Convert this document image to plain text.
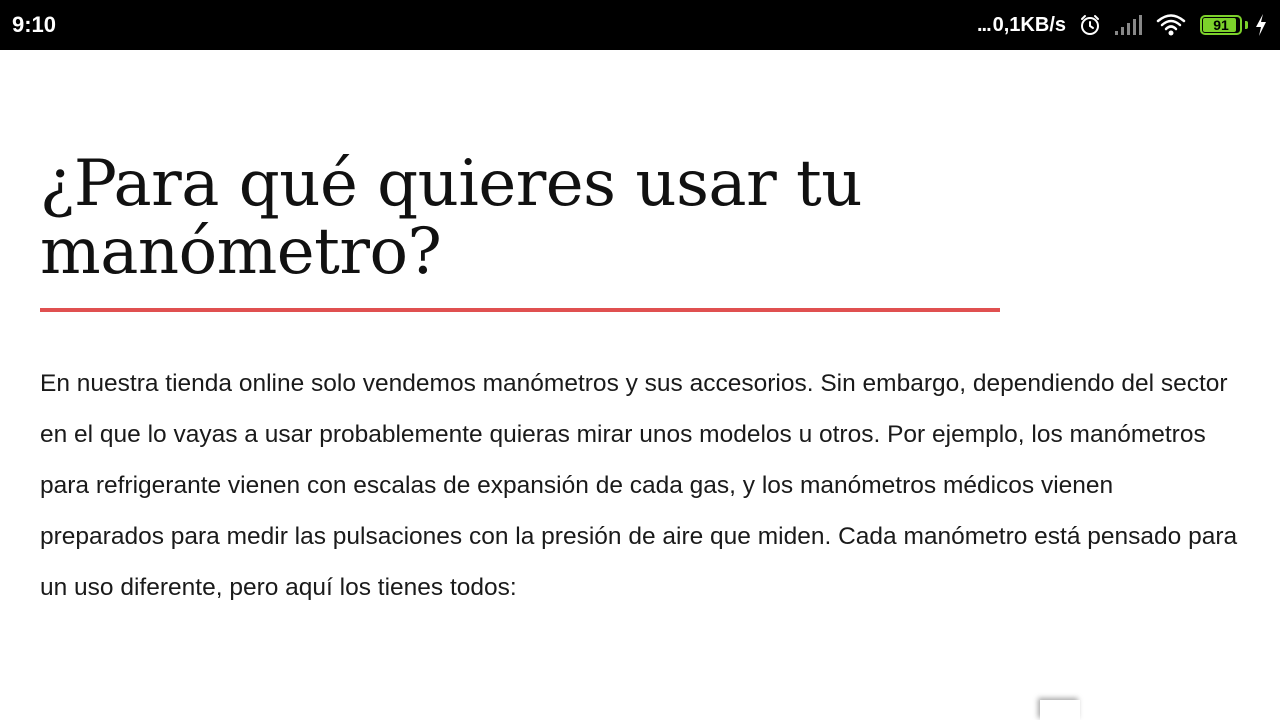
9:10	... 0,1KB/s	91
¿Para qué quieres usar tu manómetro?

En nuestra tienda online solo vendemos manómetros y sus accesorios. Sin embargo, dependiendo del sector en el que lo vayas a usar probablemente quieras mirar unos modelos u otros. Por ejemplo, los manómetros para refrigerante vienen con escalas de expansión de cada gas, y los manómetros médicos vienen preparados para medir las pulsaciones con la presión de aire que miden. Cada manómetro está pensado para un uso diferente, pero aquí los tienes todos:
